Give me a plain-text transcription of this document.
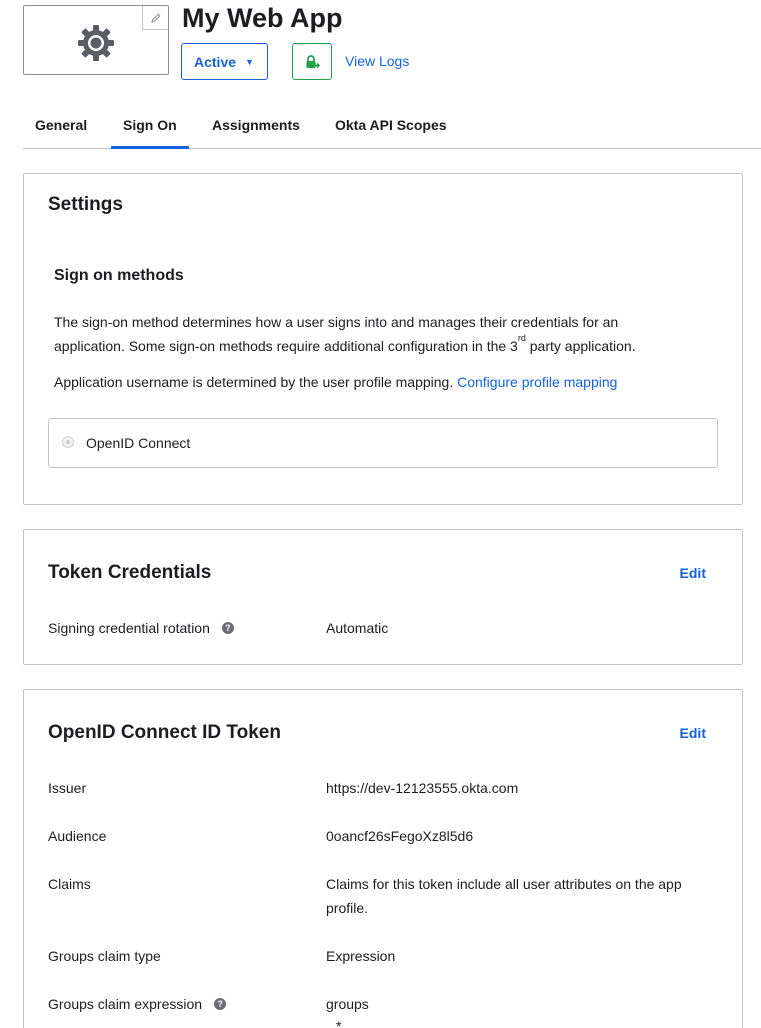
My Web App
Active ▼	View Logs
General	Sign On	Assignments	Okta API Scopes
Settings
Sign on methods
The sign-on method determines how a user signs into and manages their credentials for an
application. Some sign-on methods require additional configuration in the 3rd party application.
Application username is determined by the user profile mapping. Configure profile mapping
OpenID Connect
Token Credentials	Edit
Signing credential rotation ?	Automatic
OpenID Connect ID Token	Edit
Issuer	https://dev-12123555.okta.com
Audience	0oancf26sFegoXz8l5d6
Claims	Claims for this token include all user attributes on the app profile.
Groups claim type	Expression
Groups claim expression ?	groups
*
